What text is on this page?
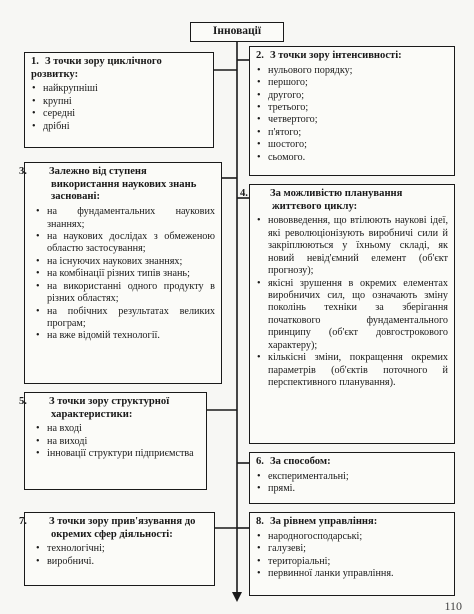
Інновації
1. З точки зору циклічного розвитку:
• найкрупніші
• крупні
• середні
• дрібні
2. З точки зору інтенсивності:
• нульового порядку;
• першого;
• другого;
• третього;
• четвертого;
• п'ятого;
• шостого;
• сьомого.
3. Залежно від ступеня використання наукових знань засновані:
• на фундаментальних наукових знаннях;
• на наукових дослідах з обмеженою областю застосування;
• на існуючих наукових знаннях;
• на комбінації різних типів знань;
• на використанні одного продукту в різних областях;
• на побічних результатах великих програм;
• на вже відомій технології.
4. За можливістю планування життєвого циклу:
• нововведення, що втілюють наукові ідеї, які революціонізують виробничі сили й закріплюються у їхньому складі, як новий невід'ємний елемент (об'єкт прогнозу);
• якісні зрушення в окремих елементах виробничих сил, що означають зміну поколінь техніки за зберігання початкового фундаментального принципу (об'єкт довгострокового характеру);
• кількісні зміни, покращення окремих параметрів (об'єктів поточного й перспективного планування).
5. З точки зору структурної характеристики:
• на вході
• на виході
• інновації структури підприємства
6. За способом:
• експериментальні;
• прямі.
7. З точки зору прив'язування до окремих сфер діяльності:
• технологічні;
• виробничі.
8. За рівнем управління:
• народногосподарські;
• галузеві;
• територіальні;
• первинної ланки управління.
110
